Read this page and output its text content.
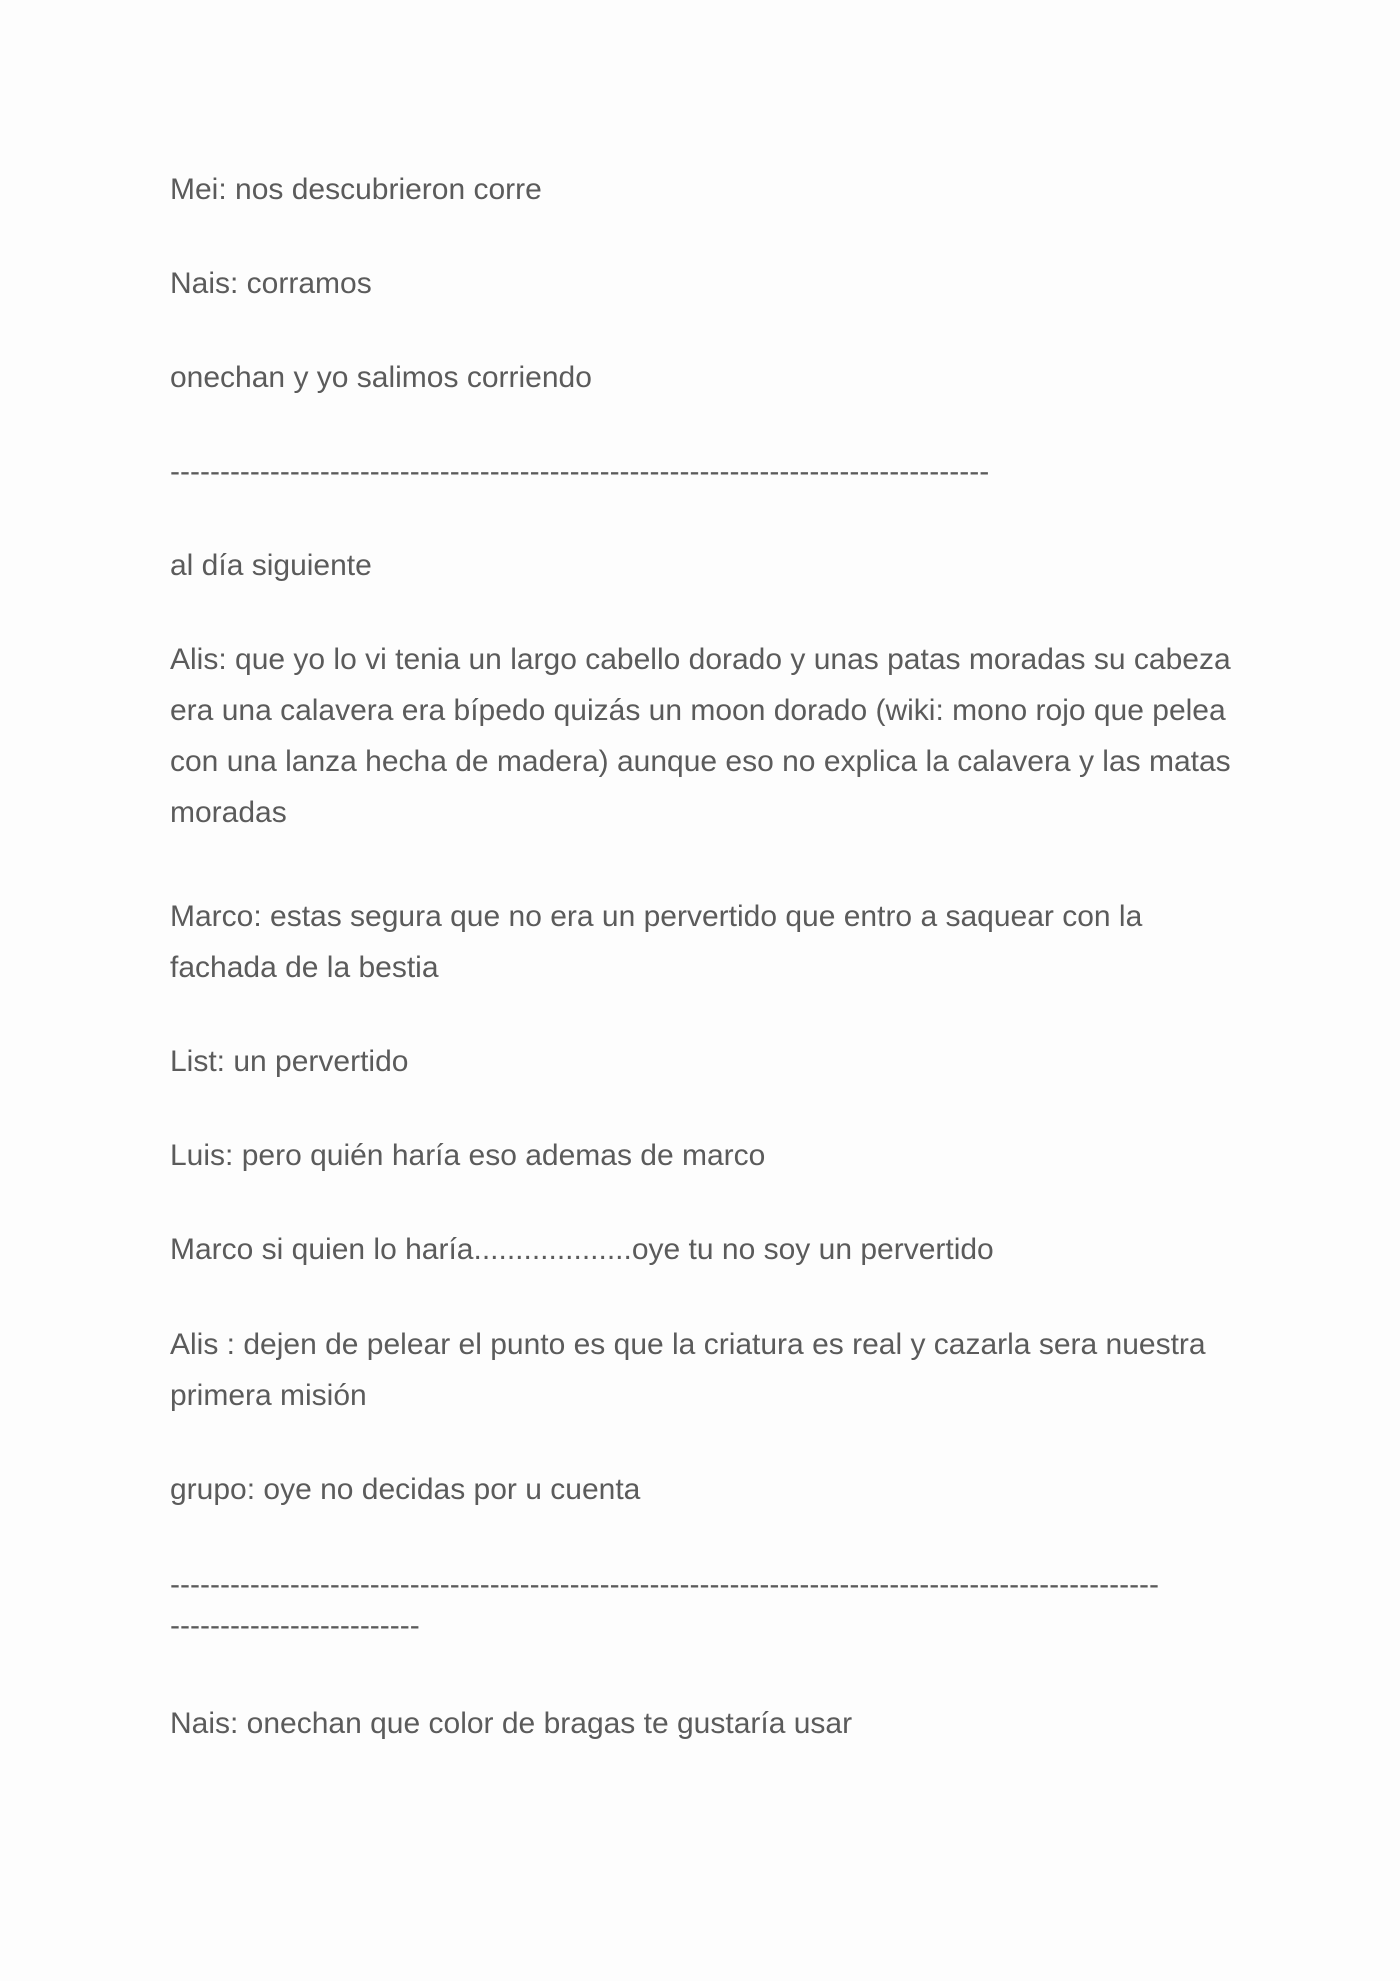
Mei: nos descubrieron corre
Nais: corramos
onechan y yo salimos corriendo
----------------------------------------------------------------------------------
al día siguiente
Alis: que yo lo vi tenia un largo cabello dorado y unas patas moradas su cabeza era una calavera era bípedo quizás un moon dorado (wiki: mono rojo que pelea con una lanza hecha de madera) aunque eso no explica la calavera y las matas moradas
Marco: estas segura que no era un pervertido que entro a saquear con la fachada de la bestia
List: un pervertido
Luis: pero quién haría eso ademas de marco
Marco si quien lo haría...................oye tu no soy un pervertido
Alis : dejen de pelear el punto es que la criatura es real y cazarla sera nuestra primera misión
grupo: oye no decidas por u cuenta
---------------------------------------------------------------------------------------------------
-------------------------
Nais: onechan que color de bragas te gustaría usar
